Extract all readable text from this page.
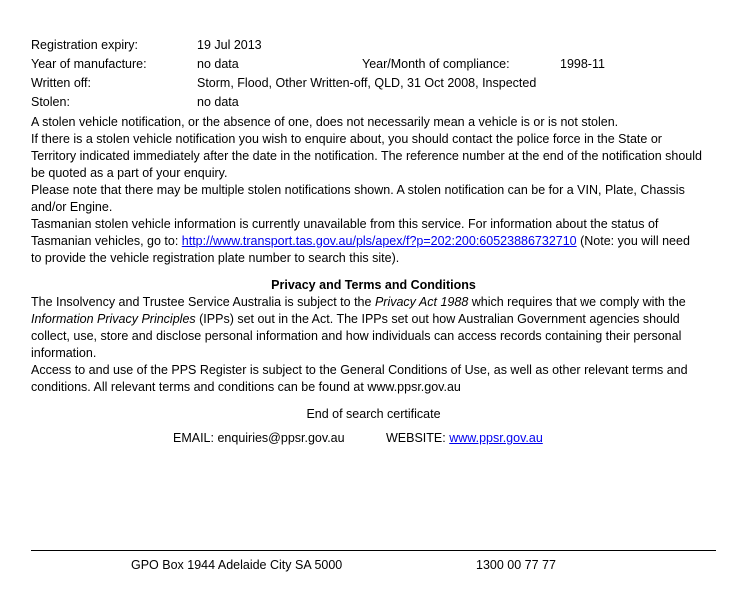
Registration expiry:	19 Jul 2013
Year of manufacture:	no data	Year/Month of compliance:	1998-11
Written off:	Storm, Flood, Other Written-off, QLD, 31 Oct 2008, Inspected
Stolen:	no data

A stolen vehicle notification, or the absence of one, does not necessarily mean a vehicle is or is not stolen.

If there is a stolen vehicle notification you wish to enquire about, you should contact the police force in the State or Territory indicated immediately after the date in the notification. The reference number at the end of the notification should be quoted as a part of your enquiry.

Please note that there may be multiple stolen notifications shown. A stolen notification can be for a VIN, Plate, Chassis and/or Engine.

Tasmanian stolen vehicle information is currently unavailable from this service. For information about the status of Tasmanian vehicles, go to: http://www.transport.tas.gov.au/pls/apex/f?p=202:200:60523886732710 (Note: you will need to provide the vehicle registration plate number to search this site).

Privacy and Terms and Conditions

The Insolvency and Trustee Service Australia is subject to the Privacy Act 1988 which requires that we comply with the Information Privacy Principles (IPPs) set out in the Act. The IPPs set out how Australian Government agencies should collect, use, store and disclose personal information and how individuals can access records containing their personal information.

Access to and use of the PPS Register is subject to the General Conditions of Use, as well as other relevant terms and conditions. All relevant terms and conditions can be found at www.ppsr.gov.au

End of search certificate
EMAIL: enquiries@ppsr.gov.au	WEBSITE: www.ppsr.gov.au
GPO Box 1944 Adelaide City SA 5000	1300 00 77 77
